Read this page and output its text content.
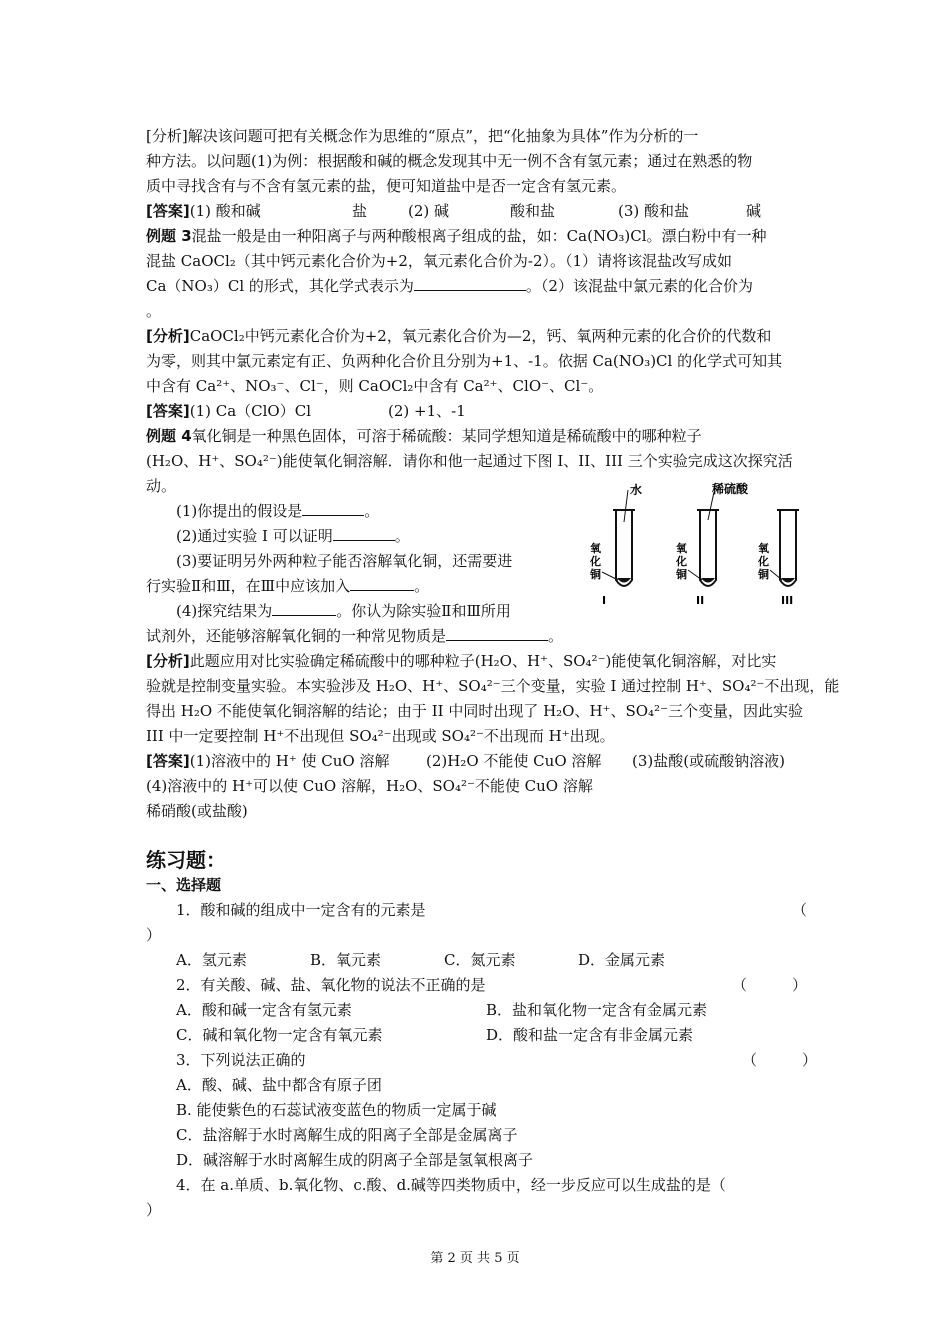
[分析]解决该问题可把有关概念作为思维的“原点”，把“化抽象为具体”作为分析的一
种方法。以问题(1)为例：根据酸和碱的概念发现其中无一例不含有氢元素；通过在熟悉的物
质中寻找含有与不含有氢元素的盐，便可知道盐中是否一定含有氢元素。
[答案](1) 酸和碱	盐	(2) 碱	酸和盐	(3) 酸和盐	碱
例题 3混盐一般是由一种阳离子与两种酸根离子组成的盐，如：Ca(NO₃)Cl。漂白粉中有一种
混盐 CaOCl₂（其中钙元素化合价为+2，氧元素化合价为-2）。（1）请将该混盐改写成如
Ca（NO₃）Cl 的形式，其化学式表示为	。（2）该混盐中氯元素的化合价为
。
[分析]CaOCl₂中钙元素化合价为+2，氧元素化合价为—2，钙、氧两种元素的化合价的代数和
为零，则其中氯元素定有正、负两种化合价且分别为+1、-1。依据 Ca(NO₃)Cl 的化学式可知其
中含有 Ca²⁺、NO₃⁻、Cl⁻，则 CaOCl₂中含有 Ca²⁺、ClO⁻、Cl⁻。
[答案](1) Ca（ClO）Cl	(2) +1、-1
例题 4氧化铜是一种黑色固体，可溶于稀硫酸：某同学想知道是稀硫酸中的哪种粒子
(H₂O、H⁺、SO₄²⁻)能使氧化铜溶解．请你和他一起通过下图 I、II、III 三个实验完成这次探究活
动。
(1)你提出的假设是	。
(2)通过实验 I 可以证明	。
(3)要证明另外两种粒子能否溶解氧化铜，还需要进
行实验Ⅱ和Ⅲ，在Ⅲ中应该加入	。
(4)探究结果为	。你认为除实验Ⅱ和Ⅲ所用
试剂外，还能够溶解氧化铜的一种常见物质是	。
水
I
氧
化
铜
稀硫酸
II
氧
化
铜
III
氧
化
铜
[分析]此题应用对比实验确定稀硫酸中的哪种粒子(H₂O、H⁺、SO₄²⁻)能使氧化铜溶解，对比实
验就是控制变量实验。本实验涉及 H₂O、H⁺、SO₄²⁻三个变量，实验 I 通过控制 H⁺、SO₄²⁻不出现，能
得出 H₂O 不能使氧化铜溶解的结论；由于 II 中同时出现了 H₂O、H⁺、SO₄²⁻三个变量，因此实验
III 中一定要控制 H⁺不出现但 SO₄²⁻出现或 SO₄²⁻不出现而 H⁺出现。
[答案](1)溶液中的 H⁺ 使 CuO 溶解 (2)H₂O 不能使 CuO 溶解 (3)盐酸(或硫酸钠溶液)
(4)溶液中的 H⁺可以使 CuO 溶解，H₂O、SO₄²⁻不能使 CuO 溶解
稀硝酸(或盐酸)
练习题：
一、选择题
1．酸和碱的组成中一定含有的元素是	（
）
A．氢元素	B．氧元素	C．氮元素	D．金属元素
2．有关酸、碱、盐、氧化物的说法不正确的是	（　　　）
A．酸和碱一定含有氢元素	B．盐和氧化物一定含有金属元素
C．碱和氧化物一定含有氧元素	D．酸和盐一定含有非金属元素
3．下列说法正确的	（　　　）
A．酸、碱、盐中都含有原子团
B. 能使紫色的石蕊试液变蓝色的物质一定属于碱
C．盐溶解于水时离解生成的阳离子全部是金属离子
D．碱溶解于水时离解生成的阴离子全部是氢氧根离子
4．在 a.单质、b.氧化物、c.酸、d.碱等四类物质中，经一步反应可以生成盐的是（
）
第 2 页 共 5 页
